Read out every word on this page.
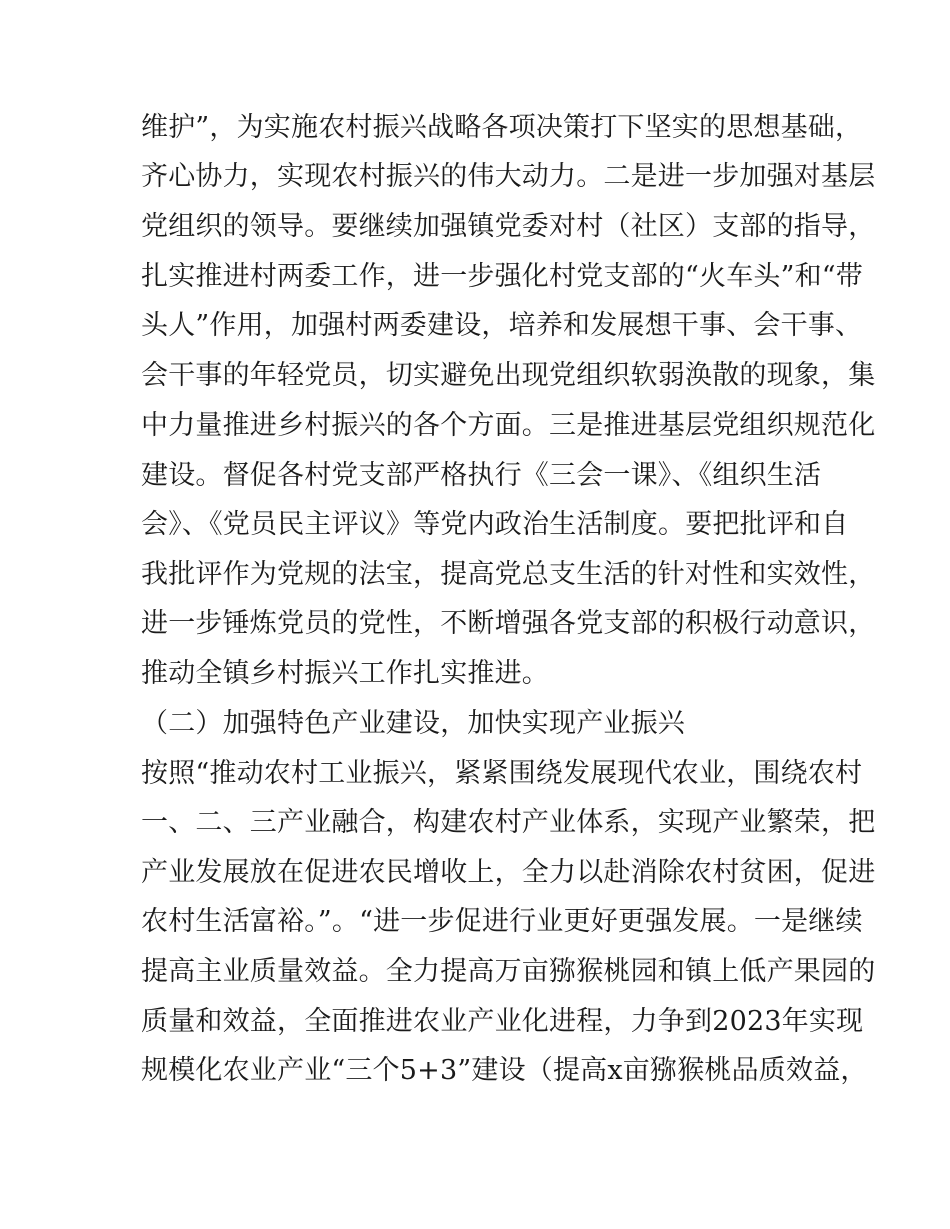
维护”，为实施农村振兴战略各项决策打下坚实的思想基础，
齐心协力，实现农村振兴的伟大动力。二是进一步加强对基层
党组织的领导。要继续加强镇党委对村（社区）支部的指导，
扎实推进村两委工作，进一步强化村党支部的“火车头”和“带
头人”作用，加强村两委建设，培养和发展想干事、会干事、
会干事的年轻党员，切实避免出现党组织软弱涣散的现象，集
中力量推进乡村振兴的各个方面。三是推进基层党组织规范化
建设。督促各村党支部严格执行《三会一课》、《组织生活
会》、《党员民主评议》等党内政治生活制度。要把批评和自
我批评作为党规的法宝，提高党总支生活的针对性和实效性，
进一步锤炼党员的党性，不断增强各党支部的积极行动意识，
推动全镇乡村振兴工作扎实推进。
（二）加强特色产业建设，加快实现产业振兴
按照“推动农村工业振兴，紧紧围绕发展现代农业，围绕农村
一、二、三产业融合，构建农村产业体系，实现产业繁荣，把
产业发展放在促进农民增收上，全力以赴消除农村贫困，促进
农村生活富裕。”。“进一步促进行业更好更强发展。一是继续
提高主业质量效益。全力提高万亩猕猴桃园和镇上低产果园的
质量和效益，全面推进农业产业化进程，力争到2023年实现
规模化农业产业“三个5+3”建设（提高x亩猕猴桃品质效益，
